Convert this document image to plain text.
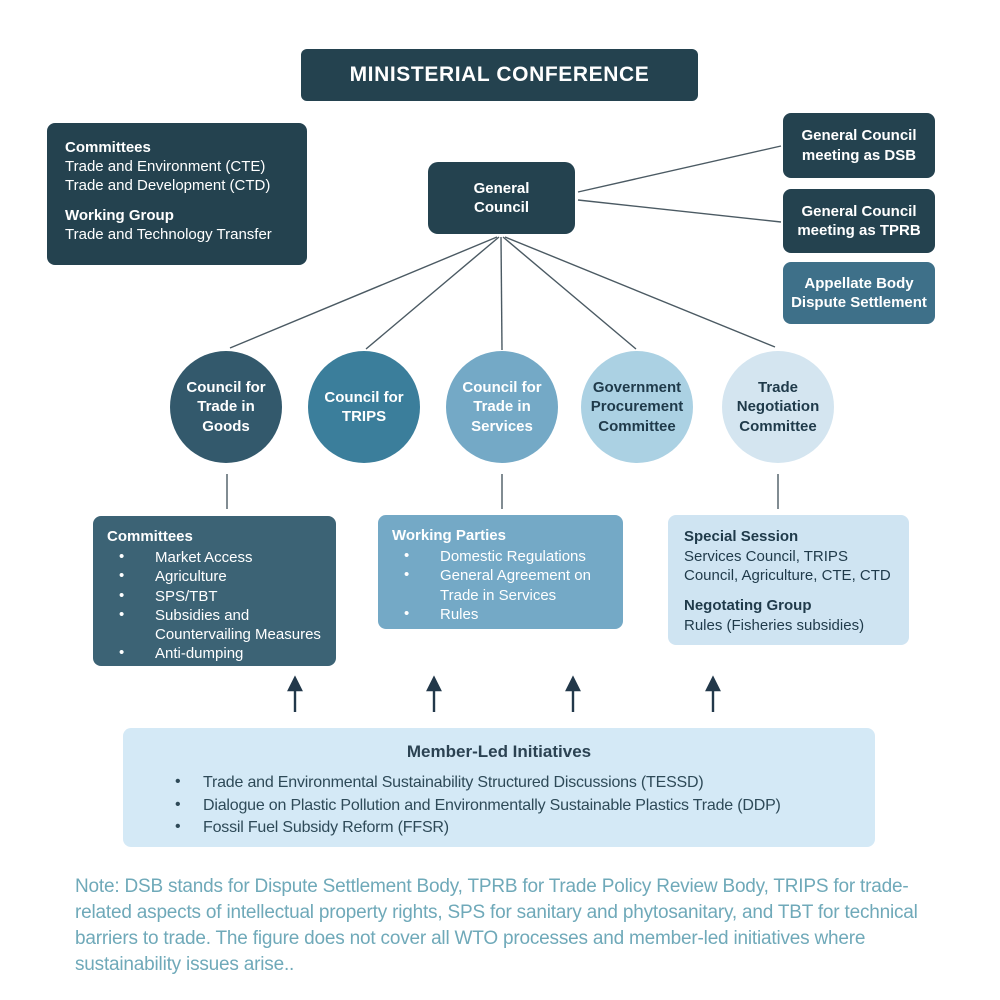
MINISTERIAL CONFERENCE
Committees
Trade and Environment (CTE)
Trade and Development (CTD)
Working Group
Trade and Technology Transfer
General Council
General Council meeting as DSB
General Council meeting as TPRB
Appellate Body Dispute Settlement
Council for Trade in Goods
Council for TRIPS
Council for Trade in Services
Government Procurement Committee
Trade Negotiation Committee
Committees
• Market Access
• Agriculture
• SPS/TBT
• Subsidies and Countervailing Measures
• Anti-dumping
Working Parties
• Domestic Regulations
• General Agreement on Trade in Services
• Rules
Special Session
Services Council, TRIPS Council, Agriculture, CTE, CTD
Negotating Group
Rules (Fisheries subsidies)
Member-Led Initiatives
• Trade and Environmental Sustainability Structured Discussions (TESSD)
• Dialogue on Plastic Pollution and Environmentally Sustainable Plastics Trade (DDP)
• Fossil Fuel Subsidy Reform (FFSR)
Note: DSB stands for Dispute Settlement Body, TPRB for Trade Policy Review Body, TRIPS for trade-related aspects of intellectual property rights, SPS for sanitary and phytosanitary, and TBT for technical barriers to trade. The figure does not cover all WTO processes and member-led initiatives where sustainability issues arise..
